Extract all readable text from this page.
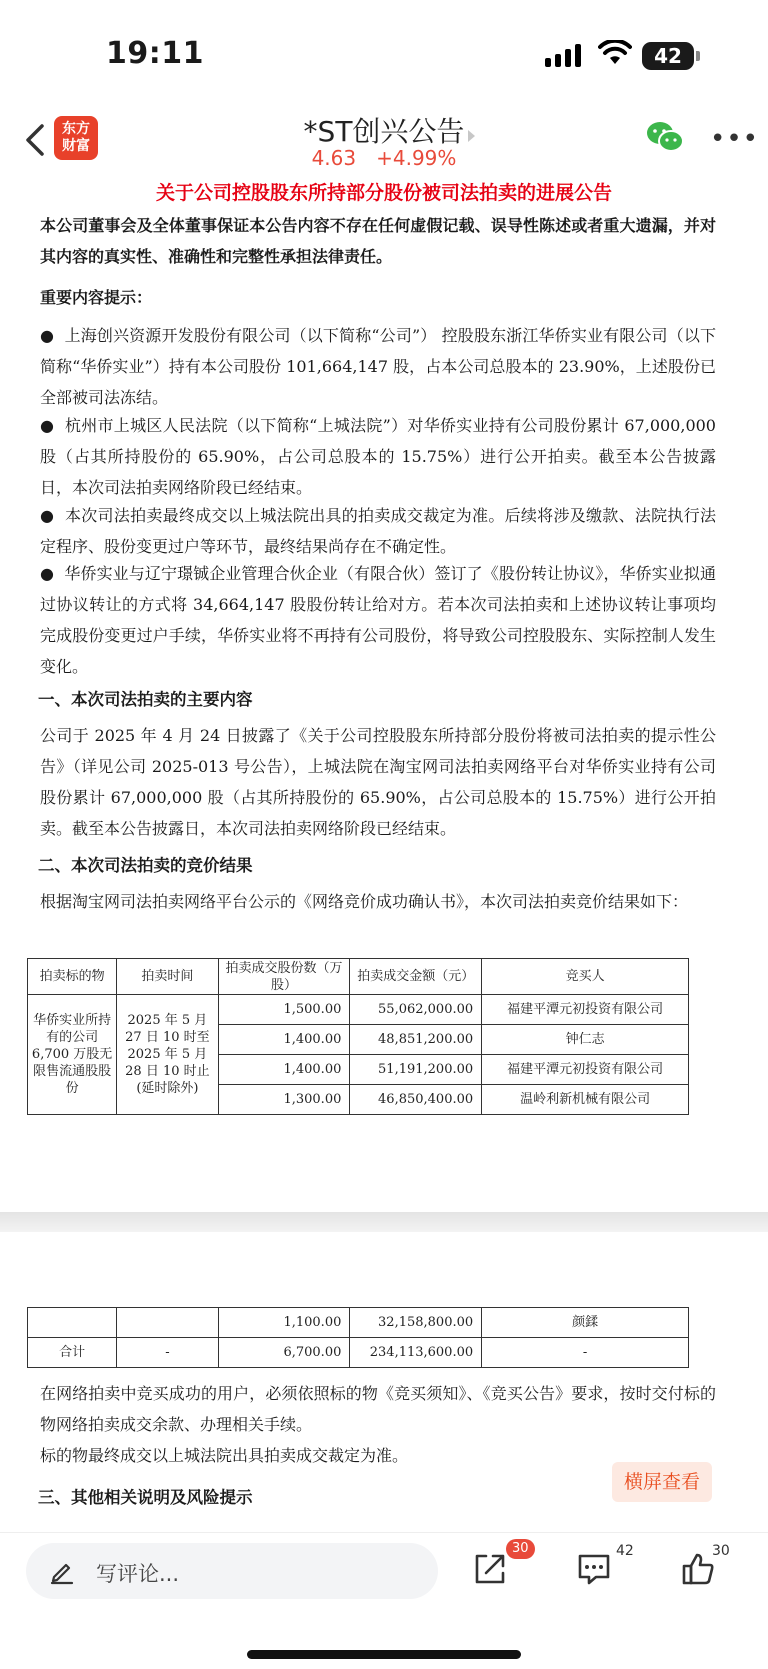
19:11	42
东方
财富	*ST创兴公告
4.63 +4.99%
•••
关于公司控股股东所持部分股份被司法拍卖的进展公告
本公司董事会及全体董事保证本公告内容不存在任何虚假记载、误导性陈述或者重大遗漏，并对其内容的真实性、准确性和完整性承担法律责任。
重要内容提示：
●  上海创兴资源开发股份有限公司（以下简称“公司”） 控股股东浙江华侨实业有限公司（以下简称“华侨实业”）持有本公司股份 101,664,147 股，占本公司总股本的 23.90%，上述股份已全部被司法冻结。
●  杭州市上城区人民法院（以下简称“上城法院”）对华侨实业持有公司股份累计 67,000,000 股（占其所持股份的 65.90%，占公司总股本的 15.75%）进行公开拍卖。截至本公告披露日，本次司法拍卖网络阶段已经结束。
●  本次司法拍卖最终成交以上城法院出具的拍卖成交裁定为准。后续将涉及缴款、法院执行法定程序、股份变更过户等环节，最终结果尚存在不确定性。
●  华侨实业与辽宁璟铖企业管理合伙企业（有限合伙）签订了《股份转让协议》，华侨实业拟通过协议转让的方式将 34,664,147 股股份转让给对方。若本次司法拍卖和上述协议转让事项均完成股份变更过户手续，华侨实业将不再持有公司股份，将导致公司控股股东、实际控制人发生变化。
一、本次司法拍卖的主要内容
公司于 2025 年 4 月 24 日披露了《关于公司控股股东所持部分股份将被司法拍卖的提示性公告》（详见公司 2025-013 号公告），上城法院在淘宝网司法拍卖网络平台对华侨实业持有公司股份累计 67,000,000 股（占其所持股份的 65.90%，占公司总股本的 15.75%）进行公开拍卖。截至本公告披露日，本次司法拍卖网络阶段已经结束。
二、本次司法拍卖的竞价结果
根据淘宝网司法拍卖网络平台公示的《网络竞价成功确认书》，本次司法拍卖竞价结果如下：
拍卖标的物	拍卖时间	拍卖成交股份数（万股）	拍卖成交金额（元）	竞买人
华侨实业所持有的公司 6,700 万股无限售流通股股份	2025 年 5 月 27 日 10 时至 2025 年 5 月 28 日 10 时止(延时除外)	1,500.00	55,062,000.00	福建平潭元初投资有限公司
		1,400.00	48,851,200.00	钟仁志
		1,400.00	51,191,200.00	福建平潭元初投资有限公司
		1,300.00	46,850,400.00	温岭利新机械有限公司
		1,100.00	32,158,800.00	颜鍒
合计	-	6,700.00	234,113,600.00	-
在网络拍卖中竞买成功的用户，必须依照标的物《竞买须知》、《竞买公告》要求，按时交付标的物网络拍卖成交余款、办理相关手续。
标的物最终成交以上城法院出具拍卖成交裁定为准。
三、其他相关说明及风险提示
横屏查看
写评论...
30	42	30
